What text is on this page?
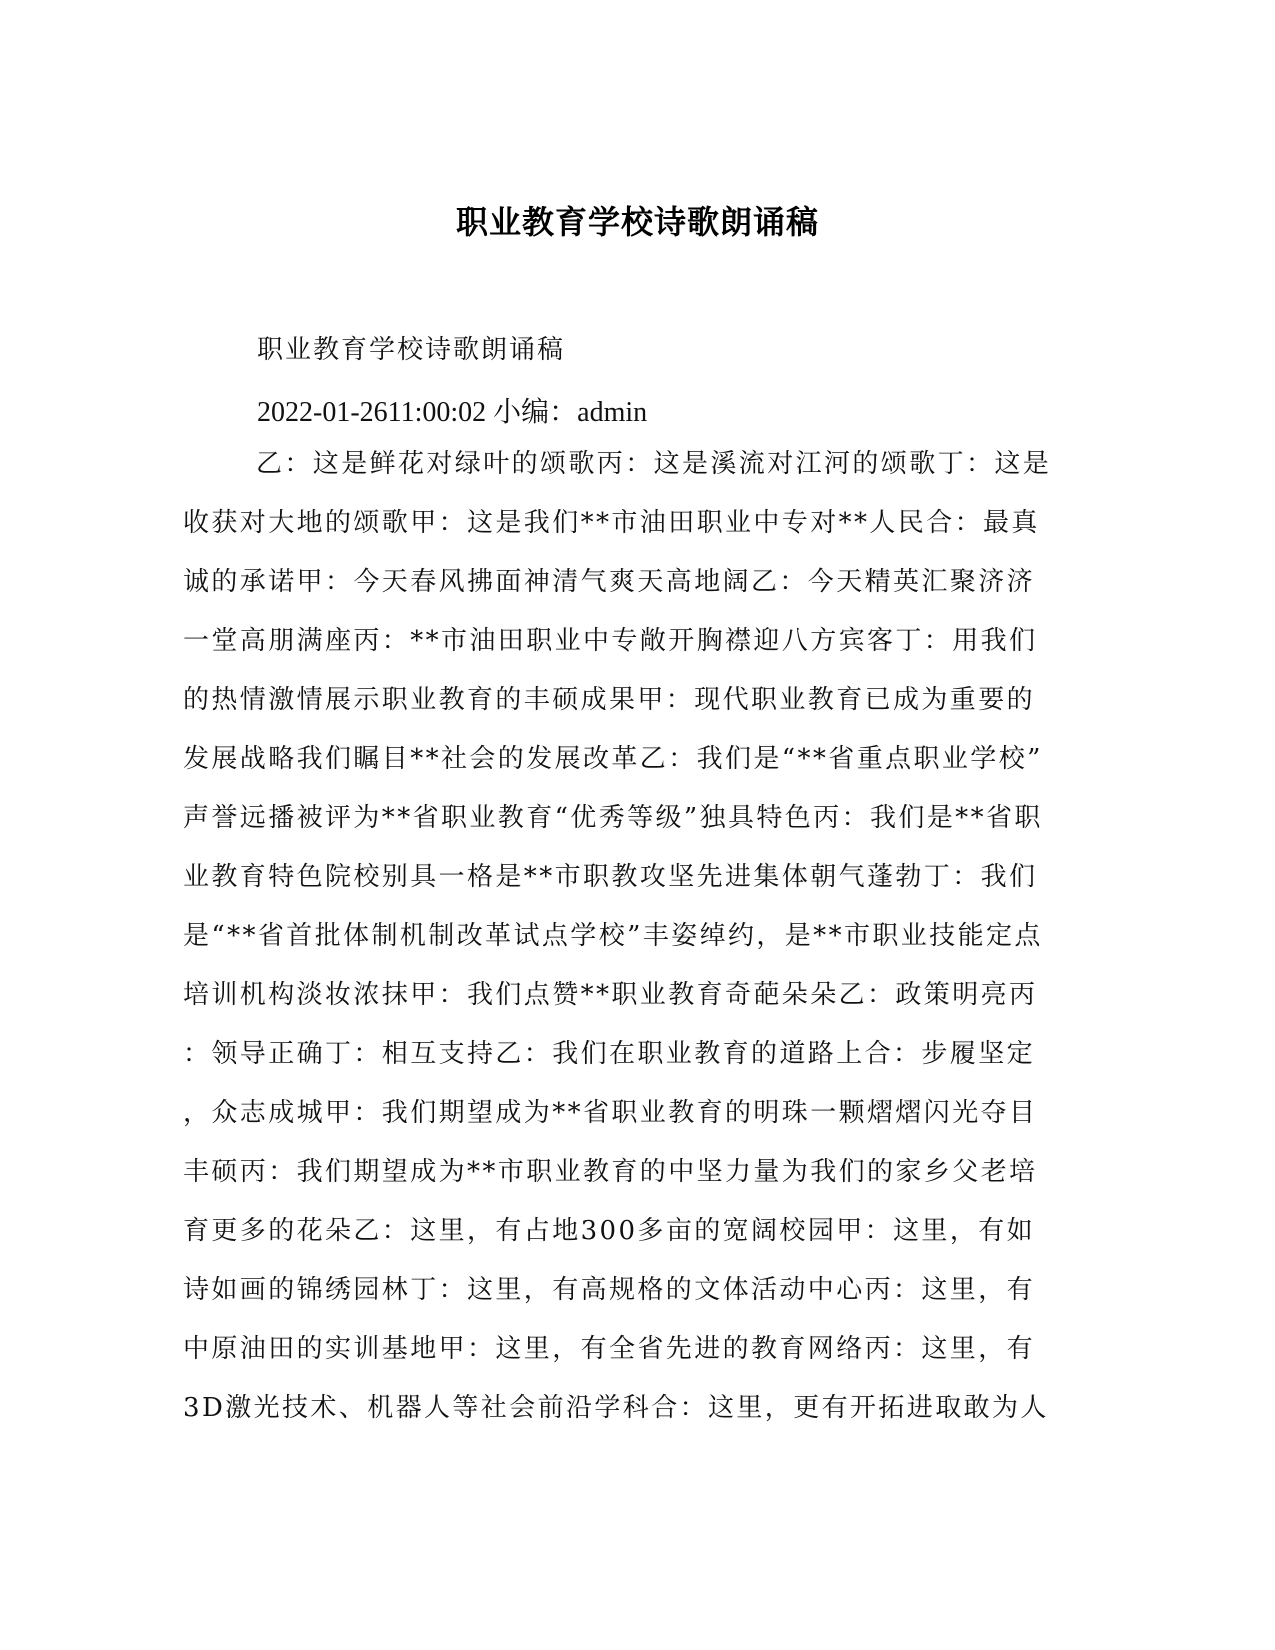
职业教育学校诗歌朗诵稿
职业教育学校诗歌朗诵稿
2022-01-2611:00:02 小编：admin
乙：这是鲜花对绿叶的颂歌丙：这是溪流对江河的颂歌丁：这是
收获对大地的颂歌甲：这是我们**市油田职业中专对**人民合：最真
诚的承诺甲：今天春风拂面神清气爽天高地阔乙：今天精英汇聚济济
一堂高朋满座丙：**市油田职业中专敞开胸襟迎八方宾客丁：用我们
的热情激情展示职业教育的丰硕成果甲：现代职业教育已成为重要的
发展战略我们瞩目**社会的发展改革乙：我们是“**省重点职业学校”
声誉远播被评为**省职业教育“优秀等级”独具特色丙：我们是**省职
业教育特色院校别具一格是**市职教攻坚先进集体朝气蓬勃丁：我们
是“**省首批体制机制改革试点学校”丰姿绰约，是**市职业技能定点
培训机构淡妆浓抹甲：我们点赞**职业教育奇葩朵朵乙：政策明亮丙
：领导正确丁：相互支持乙：我们在职业教育的道路上合：步履坚定
，众志成城甲：我们期望成为**省职业教育的明珠一颗熠熠闪光夺目
丰硕丙：我们期望成为**市职业教育的中坚力量为我们的家乡父老培
育更多的花朵乙：这里，有占地300多亩的宽阔校园甲：这里，有如
诗如画的锦绣园林丁：这里，有高规格的文体活动中心丙：这里，有
中原油田的实训基地甲：这里，有全省先进的教育网络丙：这里，有
3D激光技术、机器人等社会前沿学科合：这里，更有开拓进取敢为人
